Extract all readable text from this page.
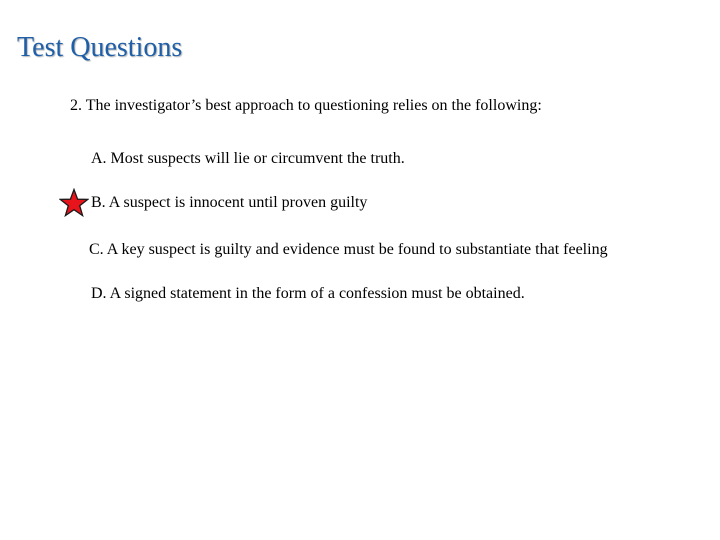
Test Questions
2. The investigator’s best approach to questioning relies on the following:
A. Most suspects will lie or circumvent the truth.
B. A suspect is innocent until proven guilty
C. A key suspect is guilty and evidence must be found to substantiate that feeling
D. A signed statement in the form of a confession must be obtained.
